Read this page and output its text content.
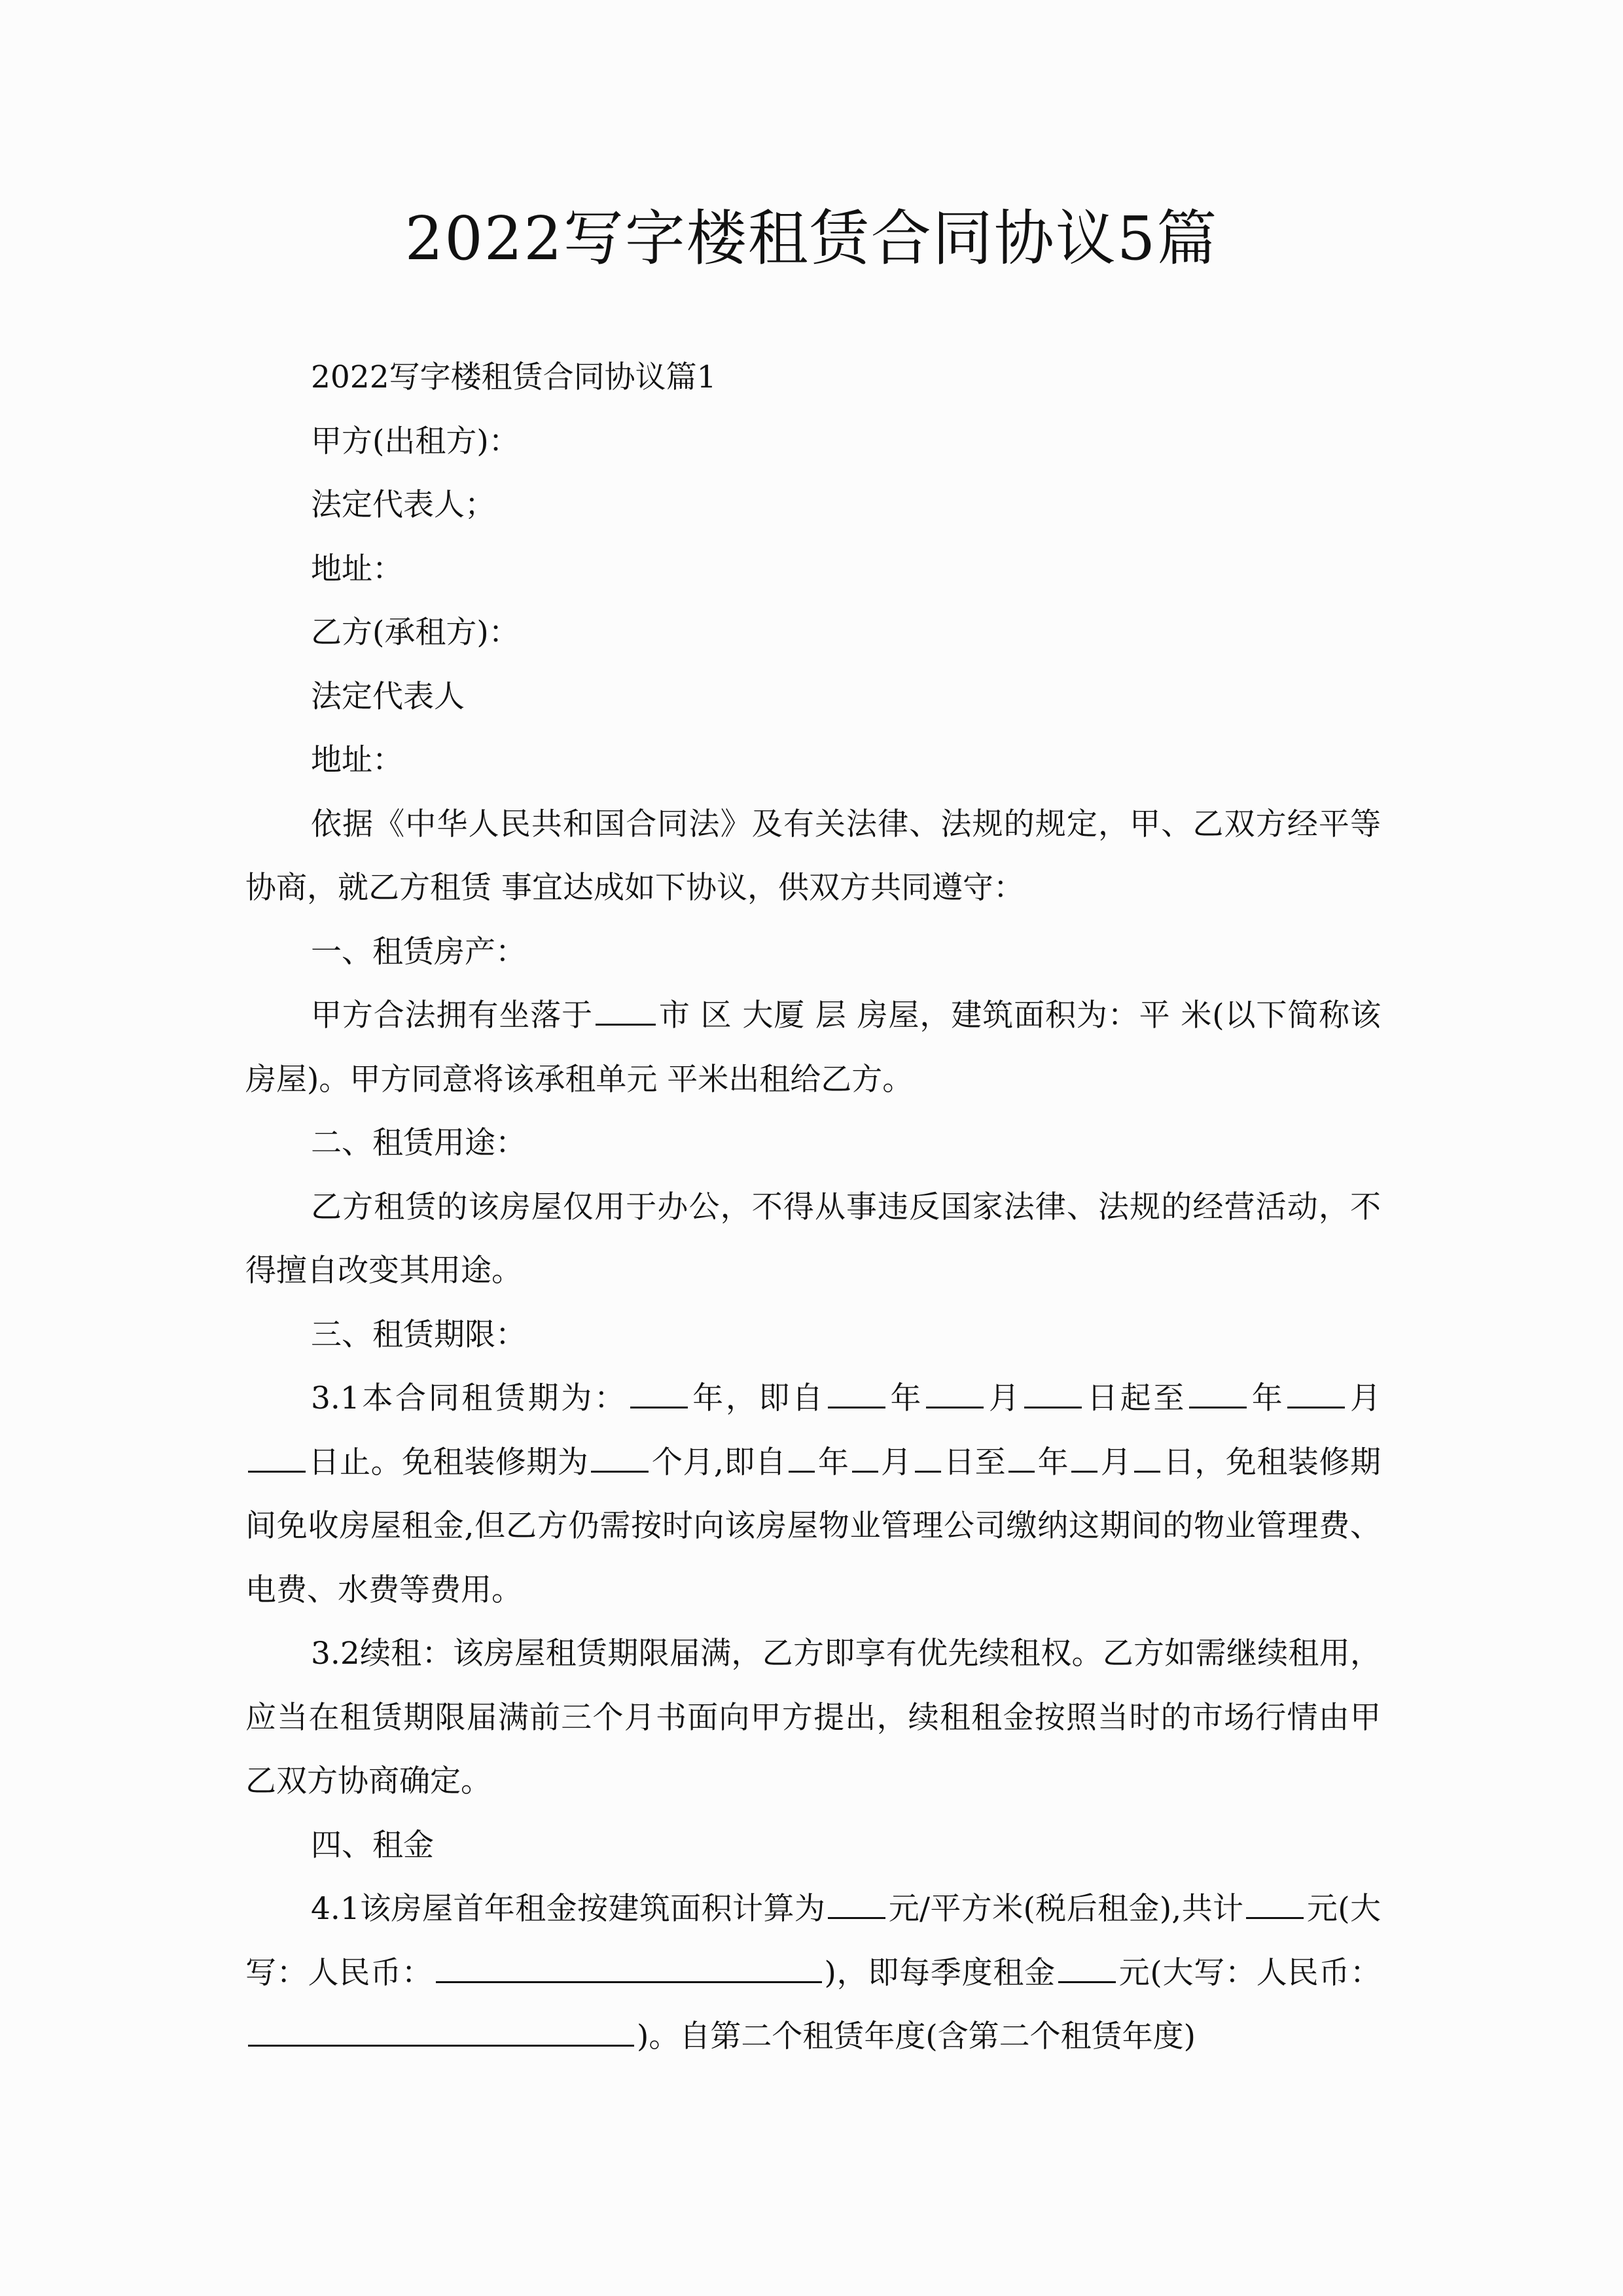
2022写字楼租赁合同协议5篇

2022写字楼租赁合同协议篇1

甲方(出租方)：

法定代表人；

地址：

乙方(承租方)：

法定代表人

地址：

依据《中华人民共和国合同法》及有关法律、法规的规定，甲、乙双方经平等协商，就乙方租赁 事宜达成如下协议，供双方共同遵守：

一、租赁房产：

甲方合法拥有坐落于 市 区 大厦 层 房屋，建筑面积为：平 米(以下简称该房屋)。甲方同意将该承租单元 平米出租给乙方。

二、租赁用途：

乙方租赁的该房屋仅用于办公，不得从事违反国家法律、法规的经营活动，不得擅自改变其用途。

三、租赁期限：

3.1本合同租赁期为： 年，即自 年 月 日起至 年 月日止。免租装修期为 个月,即自 年 月 日至 年 月 日，免租装修期间免收房屋租金,但乙方仍需按时向该房屋物业管理公司缴纳这期间的物业管理费、电费、水费等费用。

3.2续租：该房屋租赁期限届满，乙方即享有优先续租权。乙方如需继续租用，应当在租赁期限届满前三个月书面向甲方提出，续租租金按照当时的市场行情由甲乙双方协商确定。

四、租金

4.1该房屋首年租金按建筑面积计算为 元/平方米(税后租金),共计 元(大写：人民币：	)，即每季度租金 元(大写：人民币：)。自第二个租赁年度(含第二个租赁年度)
